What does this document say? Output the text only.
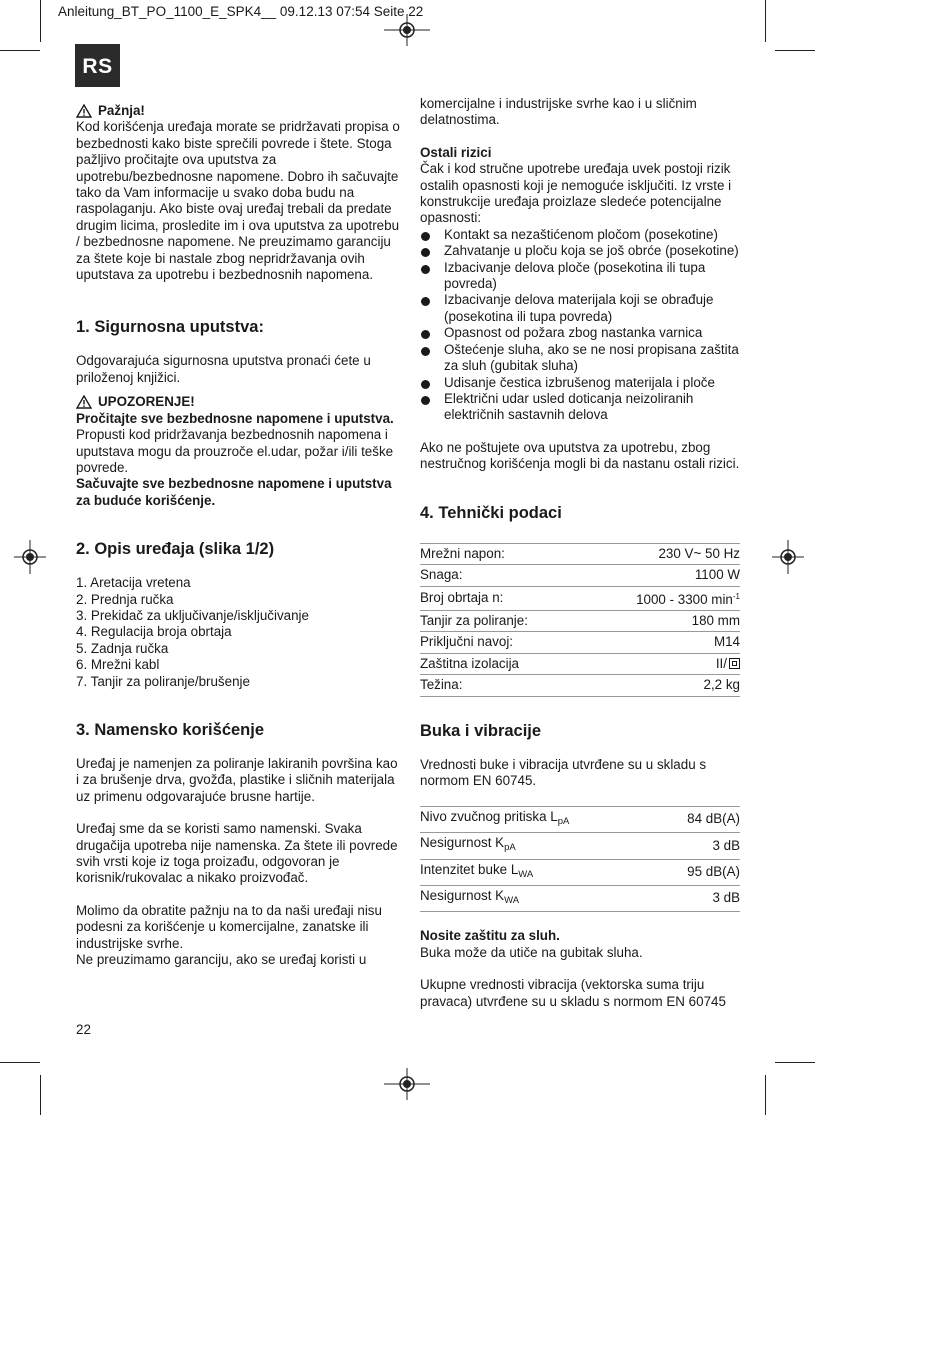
Anleitung_BT_PO_1100_E_SPK4__ 09.12.13 07:54 Seite 22
RS
Pažnja!

Kod korišćenja uređaja morate se pridržavati propisa o bezbednosti kako biste sprečili povrede i štete. Stoga pažljivo pročitajte ova uputstva za upotrebu/bezbednosne napomene. Dobro ih sačuvajte tako da Vam informacije u svako doba budu na raspolaganju. Ako biste ovaj uređaj trebali da predate drugim licima, prosledite im i ova uputstva za upotrebu / bezbednosne napomene. Ne preuzimamo garanciju za štete koje bi nastale zbog nepridržavanja ovih uputstava za upotrebu i bezbednosnih napomena.

1. Sigurnosna uputstva:

Odgovarajuća sigurnosna uputstva pronaći ćete u priloženoj knjižici.

UPOZORENJE!

Pročitajte sve bezbednosne napomene i uputstva.

Propusti kod pridržavanja bezbednosnih napomena i uputstava mogu da prouzroče el.udar, požar i/ili teške povrede.

Sačuvajte sve bezbednosne napomene i uputstva za buduće korišćenje.

2. Opis uređaja (slika 1/2)
1. Aretacija vretena
2. Prednja ručka
3. Prekidač za uključivanje/isključivanje
4. Regulacija broja obrtaja
5. Zadnja ručka
6. Mrežni kabl
7. Tanjir za poliranje/brušenje
3. Namensko korišćenje

Uređaj je namenjen za poliranje lakiranih površina kao i za brušenje drva, gvožđa, plastike i sličnih materijala uz primenu odgovarajuće brusne hartije.

Uređaj sme da se koristi samo namenski. Svaka drugačija upotreba nije namenska. Za štete ili povrede svih vrsti koje iz toga proizađu, odgovoran je korisnik/rukovalac a nikako proizvođač.

Molimo da obratite pažnju na to da naši uređaji nisu podesni za korišćenje u komercijalne, zanatske ili industrijske svrhe.

Ne preuzimamo garanciju, ako se uređaj koristi u

22

komercijalne i industrijske svrhe kao i u sličnim delatnostima.

Ostali rizici

Čak i kod stručne upotrebe uređaja uvek postoji rizik ostalih opasnosti koji je nemoguće isključiti. Iz vrste i konstrukcije uređaja proizlaze sledeće potencijalne opasnosti:

Kontakt sa nezaštićenom pločom (posekotine)
Zahvatanje u ploču koja se još obrće (posekotine)
Izbacivanje delova ploče (posekotina ili tupa povreda)
Izbacivanje delova materijala koji se obrađuje (posekotina ili tupa povreda)
Opasnost od požara zbog nastanka varnica
Oštećenje sluha, ako se ne nosi propisana zaštita za sluh (gubitak sluha)
Udisanje čestica izbrušenog materijala i ploče
Električni udar usled doticanja neizoliranih električnih sastavnih delova

Ako ne poštujete ova uputstva za upotrebu, zbog nestručnog korišćenja mogli bi da nastanu ostali rizici.

4. Tehnički podaci
Mrežni napon:	230 V~ 50 Hz
Snaga:	1100 W
Broj obrtaja n:	1000 - 3300 $\min^{-1}$
Tanjir za poliranje:	180 mm
Priključni navoj:	M14
Zaštitna izolacija	II/
Težina:	2,2 kg
Buka i vibracije

Vrednosti buke i vibracija utvrđene su u skladu s normom EN 60745.

Nivo zvučnog pritiska $L_{pA}$	84 dB(A)
Nesigurnost $K_{pA}$	3 dB
Intenzitet buke $L_{WA}$	95 dB(A)
Nesigurnost $K_{WA}$	3 dB

Nosite zaštitu za sluh.

Buka može da utiče na gubitak sluha.

Ukupne vrednosti vibracija (vektorska suma triju pravaca) utvrđene su u skladu s normom EN 60745
